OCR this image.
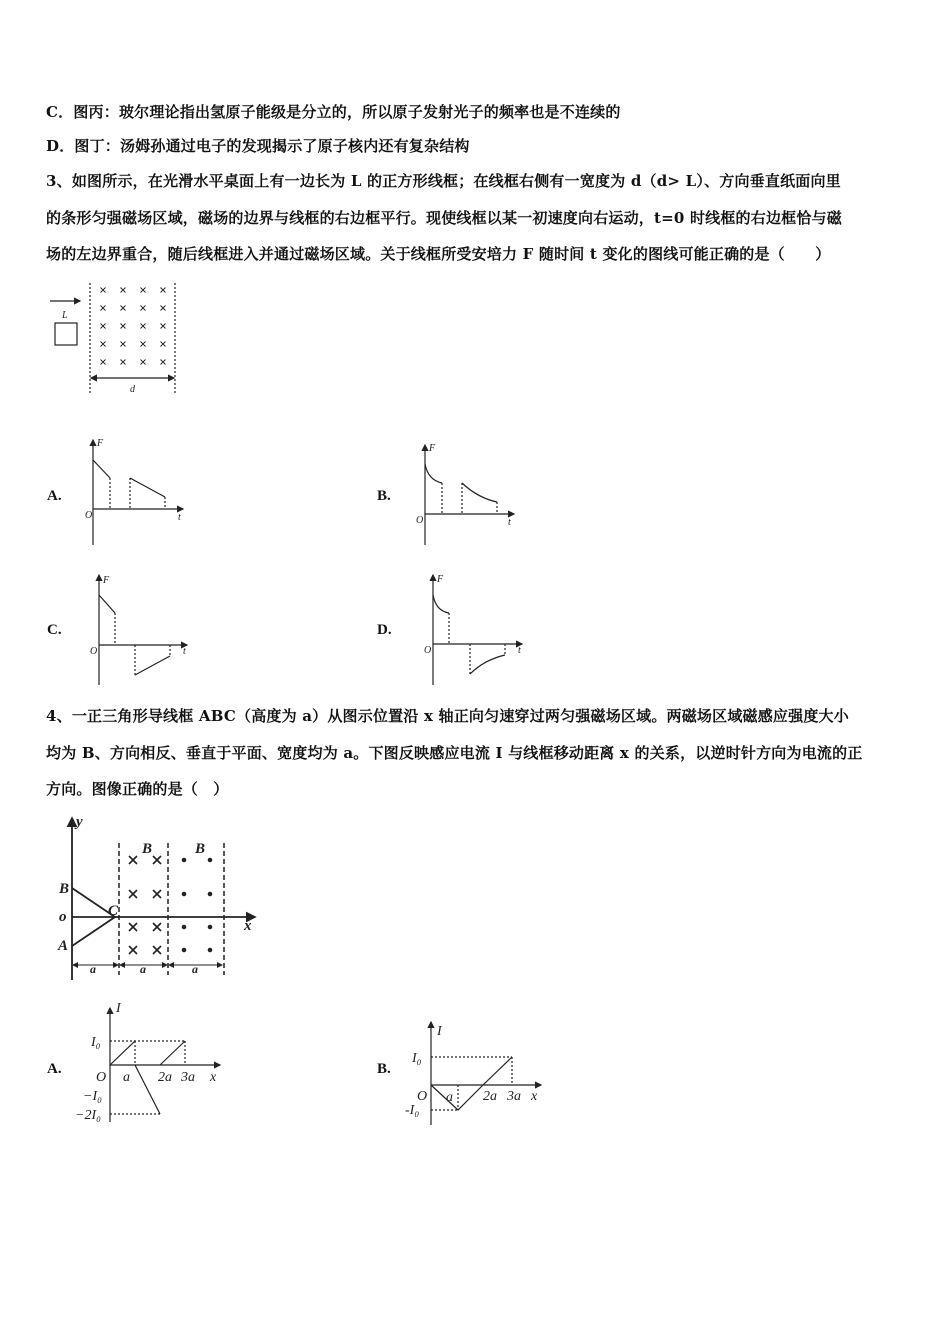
C．图丙：玻尔理论指出氢原子能级是分立的，所以原子发射光子的频率也是不连续的
D．图丁：汤姆孙通过电子的发现揭示了原子核内还有复杂结构
3、如图所示，在光滑水平桌面上有一边长为 L 的正方形线框；在线框右侧有一宽度为 d（d> L）、方向垂直纸面向里
的条形匀强磁场区域，磁场的边界与线框的右边框平行。现使线框以某一初速度向右运动，t=0 时线框的右边框恰与磁
场的左边界重合，随后线框进入并通过磁场区域。关于线框所受安培力 F 随时间 t 变化的图线可能正确的是（　　）
4、一正三角形导线框 ABC（高度为 a）从图示位置沿 x 轴正向匀速穿过两匀强磁场区域。两磁场区域磁感应强度大小
均为 B、方向相反、垂直于平面、宽度均为 a。下图反映感应电流 I 与线框移动距离 x 的关系，以逆时针方向为电流的正
方向。图像正确的是（　）
A.	B.
C.	D.
A.	B.
L
d
F
O	t
F
O	t
F
O	t
F
O	t
y
x
B
o
A
C
B	B
a	a	a
I
I₀
O a 2a 3a x
−I₀
−2I₀
I
I₀
O a 2a 3a x
-I₀
